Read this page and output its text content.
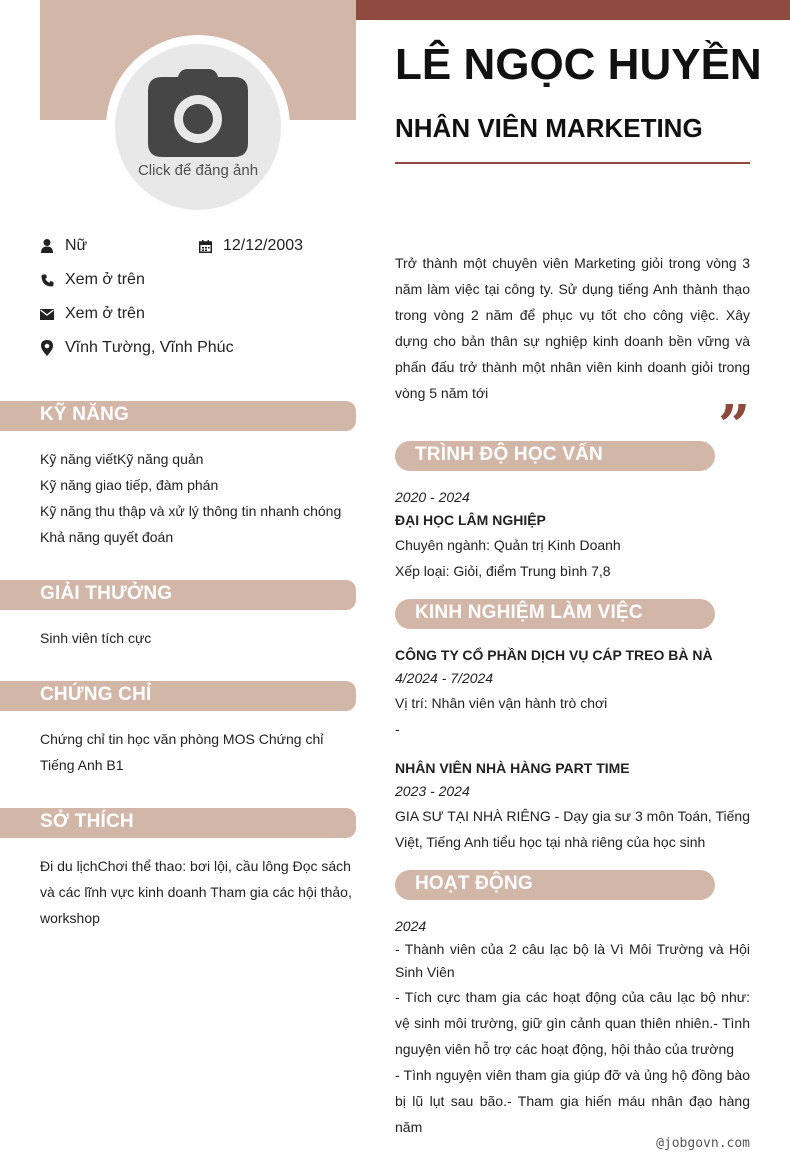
Click để đăng ảnh
LÊ NGỌC HUYỀN
NHÂN VIÊN MARKETING
Nữ	12/12/2003
Xem ở trên
Xem ở trên
Vĩnh Tường, Vĩnh Phúc
Trở thành một chuyên viên Marketing giỏi trong vòng 3 năm làm việc tại công ty. Sử dụng tiếng Anh thành thạo trong vòng 2 năm để phục vụ tốt cho công việc. Xây dựng cho bản thân sự nghiệp kinh doanh bền vững và phấn đấu trở thành một nhân viên kinh doanh giỏi trong vòng 5 năm tới	”
KỸ NĂNG
Kỹ năng viếtKỹ năng quản
Kỹ năng giao tiếp, đàm phán
Kỹ năng thu thập và xử lý thông tin nhanh chóng
Khả năng quyết đoán
GIẢI THƯỞNG
Sinh viên tích cực
CHỨNG CHỈ
Chứng chỉ tin học văn phòng MOS Chứng chỉ Tiếng Anh B1
SỞ THÍCH
Đi du lịchChơi thể thao: bơi lội, cầu lông Đọc sách và các lĩnh vực kinh doanh Tham gia các hội thảo, workshop
TRÌNH ĐỘ HỌC VẤN
2020 - 2024
ĐẠI HỌC LÂM NGHIỆP
Chuyên ngành: Quản trị Kinh Doanh
Xếp loại: Giỏi, điểm Trung bình 7,8
KINH NGHIỆM LÀM VIỆC
CÔNG TY CỔ PHẦN DỊCH VỤ CÁP TREO BÀ NÀ
4/2024 - 7/2024
Vị trí: Nhân viên vận hành trò chơi
-
NHÂN VIÊN NHÀ HÀNG PART TIME
2023 - 2024
GIA SƯ TẠI NHÀ RIÊNG - Dạy gia sư 3 môn Toán, Tiếng Việt, Tiếng Anh tiểu học tại nhà riêng của học sinh
HOẠT ĐỘNG
2024
- Thành viên của 2 câu lạc bộ là Vì Môi Trường và Hội Sinh Viên
- Tích cực tham gia các hoạt động của câu lạc bộ như: vệ sinh môi trường, giữ gìn cảnh quan thiên nhiên.- Tình nguyện viên hỗ trợ các hoạt động, hội thảo của trường
- Tình nguyện viên tham gia giúp đỡ và ủng hộ đồng bào bị lũ lụt sau bão.- Tham gia hiến máu nhân đạo hàng năm
@jobgovn.com
